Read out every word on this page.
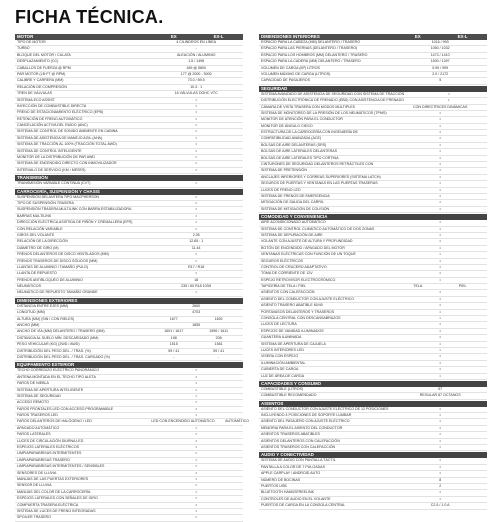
FICHA TÉCNICA.
MOTOR	EX	EX-L
TIPO DE MOTOR	4 CILINDROS EN LÍNEA
TURBO	-
BLOQUE DEL MOTOR / CULATA	ALEACIÓN / ALUMINIO
DESPLAZAMIENTO (CC)	1.5 / 1498
CABALLOS DE FUERZA @ RPM	189 @ 5800
PAR MOTOR (LB·FT @ RPM)	177 @ 2000 - 5000
CALIBRE Y CARRERA (MM)	73.0 / 89.5
RELACIÓN DE COMPRESIÓN	10.3 : 1
TREN DE VÁLVULAS	16 VÁLVULAS DOHC VTC
SISTEMA ECO ASSIST	•
INYECCIÓN DE COMBUSTIBLE DIRECTA	•
FRENO DE ESTACIONAMIENTO ELÉCTRICO (EPB)	•
RETENCIÓN DE FRENO AUTOMÁTICO	•
CANCELACIÓN ACTIVA DEL RUIDO (ANC)	•
SISTEMA DE CONTROL DE SONIDO AMBIENTE EN CABINA	•
SISTEMA DE ASISTENCIA DE MANEJO AGIL (AHA)	•
SISTEMA DE TRACCIÓN AL 100% (TRACCIÓN TOTAL AWD)	•
SISTEMA DE CONTROL INTELIGENTE	•
MONITOR DE LA DISTRIBUCIÓN DE PAR AWD	•
SISTEMA DE ENCENDIDO DIRECTO CON INMOVILIZADOR	•
INTERVALO DE SERVICIO (KM / MESES)	•
TRANSMISIÓN
TRANSMISIÓN VARIABLE CONTINUA (CVT)	•
CARROCERÍA, SUSPENSIÓN Y CHASIS
SUSPENSIÓN DELANTERA TIPO MACPHERSON	•
TIPO DE SUSPENSIÓN TRASERA	•
SUSPENSIÓN TRASERA MULTILINK CON BARRA ESTABILIZADORA	•
BARRAS MULTILINK	•
DIRECCIÓN ELÉCTRICA ASISTIDA DE PIÑÓN Y CREMALLERA (EPS)	•
CON RELACIÓN VARIABLE	•
GIROS DEL VOLANTE	2.35
RELACIÓN DE LA DIRECCIÓN	12.65 : 1
DIÁMETRO DE GIRO (M)	11.44
FRENOS DELANTEROS DE DISCO VENTILADOS (MM)	•
FRENOS TRASEROS DE DISCO SÓLIDOS (MM)	•
LLANTAS DE ALUMINIO / TAMAÑO (PULG)	R17 / R18
LLANTA DE REPUESTO	•
FRENOS ANTIBLOQUEO DE ALUMINIO	18
NEUMÁTICOS	235 / 60 R18 103H
NEUMÁTICO DE REPUESTO TAMAÑO GRANDE	•
DIMENSIONES EXTERIORES
DISTANCIA ENTRE EJES (MM)	2660
LONGITUD (MM)	4703
ALTURA (MM) (SIN / CON RIELES)	1677	1692
ANCHO (MM)	1855
ANCHO DE VÍA (MM) DELANTERO / TRASERO (MM)	1601 / 1617	1596 / 1611
DISTANCIA AL SUELO MÍN. DESCARGADO (MM)	198	208
PESO VEHICULAR (KG) (2WD / AWD)	1515	1581
DISTRIBUCIÓN DEL PESO DEL. / TRAS. (%)	59 / 41	59 / 41
DISTRIBUCIÓN DEL PESO DEL. / TRAS. CARGADO (%)	-	-
EQUIPAMIENTO EXTERIOR
TECHO CORREDIZO ELÉCTRICO PANORÁMICO	•
ANTENA MONTADA EN EL TECHO TIPO ALETA	•
FAROS DE NIEBLA	•
SISTEMA DE APERTURA INTELIGENTE	•
SISTEMA DE SEGURIDAD	•
ACCESO REMOTO	•
FAROS FRONTALES LED CON ACCESO PROGRAMABLE	•
FAROS TRASEROS LED	•
FAROS DELANTEROS DE HALÓGENO / LED	LED CON ENCENDIDO AUTOMÁTICO	AUTOMÁTICO
APAGADO AUTOMÁTICO	•
FAROS LATERALES	•
LUCES DE CIRCULACIÓN DIURNA LED	•
ESPEJOS LATERALES ELÉCTRICOS	•
LIMPIAPARABRISAS INTERMITENTES	•
LIMPIAPARABRISAS TRASERO	•
LIMPIAPARABRISAS INTERMITENTES / SENSIBLES	•
SENSORES DE LLUVIA	•
MANIJAS DE LAS PUERTAS EXTERIORES	•
SENSOR DE LLUVIA	•
MANIJAS DEL COLOR DE LA CARROCERÍA	•
ESPEJOS LATERALES CON SEÑALES DE GIRO	•
COMPUERTA TRASERA ELÉCTRICA	•
SISTEMA DE LUCES DE FRENO INTEGRADAS	•
SPOILER TRASERO	•
DIMENSIONES INTERIORES	EX	EX-L
ESPACIO PARA LA CABEZA (MM) DELANTERO / TRASERO	1016 / 993
ESPACIO PARA LAS PIERNAS (DELANTERO / TRASERO)	1050 / 1032
ESPACIO PARA LOS HOMBROS (MM) DELANTERO / TRASERO	1473 / 1410
ESPACIO PARA LA CADERA (MM) DELANTERO / TRASERO	1400 / 1397
VOLUMEN DE CARGA (M³) LITROS	0.99 / 999
VOLUMEN MÁXIMO DE CARGA (LITROS)	2.0 / 2172
CAPACIDAD DE PASAJEROS	5
SEGURIDAD
SISTEMA AVANZADO DE ASISTENCIA DE SEGURIDAD CON SISTEMA DE TRACCIÓN	•
DISTRIBUCIÓN ELECTRÓNICA DE FRENADO (EBD) CON ASISTENCIA DE FRENADO	•
CÁMARA DE VISTA TRASERA CON MODOS MÚLTIPLES	CON DIRECTRICES DINÁMICAS
SISTEMA DE MONITOREO DE LA PRESIÓN DE LOS NEUMÁTICOS (TPMS)	•
MONITOR DE ATENCIÓN PARA EL CONDUCTOR	•
MONITOR DE ÁNGULO CIEGO	•
ESTRUCTURA DE LA CARROCERÍA CON INGENIERÍA DE	•
COMPATIBILIDAD AVANZADA (ACE)	•
BOLSAS DE AIRE DELANTERAS (SRS)	•
BOLSAS DE AIRE LATERALES DELANTERAS	•
BOLSAS DE AIRE LATERALES TIPO CORTINA	•
CINTURONES DE SEGURIDAD DELANTEROS RETRÁCTILES CON	•
SISTEMA DE PRETENSIÓN	•
ANCLAJES INFERIORES Y CORREAS SUPERIORES (SISTEMA LATCH)	•
SEGUROS DE PUERTAS Y VENTANAS EN LAS PUERTAS TRASERAS	•
LUCES DE FRENO LED	•
SISTEMA DE FRENOS DE EMERGENCIA	•
MITIGACIÓN DE SALIDA DEL CARRIL	•
SISTEMA DE MITIGACIÓN DE COLISIÓN	•
COMODIDAD Y CONVENIENCIA
AIRE ACONDICIONADO AUTOMÁTICO	•
SISTEMA DE CONTROL CLIMÁTICO AUTOMÁTICO DE DOS ZONAS	•
SISTEMA DE DEPURACIÓN DE AIRE	•
VOLANTE CON AJUSTE DE ALTURA Y PROFUNDIDAD	•
BOTÓN DE ENCENDIDO / APAGADO DEL MOTOR	•
VENTANAS ELÉCTRICAS CON FUNCIÓN DE UN TOQUE	•
SEGUROS ELÉCTRICOS	•
CONTROL DE CRUCERO ADAPTATIVO	•
TOMA DE CORRIENTE DE 12V	•
ESPEJO RETROVISOR ELECTROCRÓMICO	•
TAPICERÍA DE TELA / PIEL	TELA	PIEL
ASIENTOS CON CALEFACCIÓN	•
ASIENTO DEL CONDUCTOR CON AJUSTE ELÉCTRICO	•
ASIENTO TRASERO ABATIBLE 60/40	•
PORTAVASOS DELANTEROS Y TRASEROS	•
CONSOLA CENTRAL CON DESCANSABRAZOS	•
LUCES DE LECTURA	•
ESPEJOS DE VANIDAD ILUMINADOS	•
GUANTERA ILUMINADA	•
SISTEMA DE APERTURA DE CAJUELA	•
LUCES INTERIORES LED	•
VISERA CON ESPEJO	•
ILUMINACIÓN AMBIENTAL	•
CUBIERTA DE CARGA	•
LUZ DE ÁREA DE CARGA	•
CAPACIDADES Y CONSUMO
COMBUSTIBLE (LITROS)	57
COMBUSTIBLE RECOMENDADO	REGULAR 87 OCTANOS
ASIENTOS
ASIENTO DEL CONDUCTOR CON AJUSTE ELÉCTRICO DE 12 POSICIONES	•
INCLUYENDO 4 POSICIONES DE SOPORTE LUMBAR	•
ASIENTO DEL PASAJERO CON AJUSTE ELÉCTRICO	•
MEMORIA PARA EL ASIENTO DEL CONDUCTOR	•
ASIENTOS TRASEROS ABATIBLES	•
ASIENTOS DELANTEROS CON CALEFACCIÓN	•
ASIENTOS TRASEROS CON CALEFACCIÓN	•
AUDIO Y CONECTIVIDAD
SISTEMA DE AUDIO CON PANTALLA TÁCTIL	•
PANTALLA A COLOR DE 7 PULGADAS	•
APPLE CARPLAY / ANDROID AUTO	•
NÚMERO DE BOCINAS	8
PUERTOS USB	2
BLUETOOTH HANDSFREELINK	•
CONTROLES DE AUDIO EN EL VOLANTE	•
PUERTOS DE CARGA EN LA CONSOLA CENTRAL	C2.5 / 1.0 A
